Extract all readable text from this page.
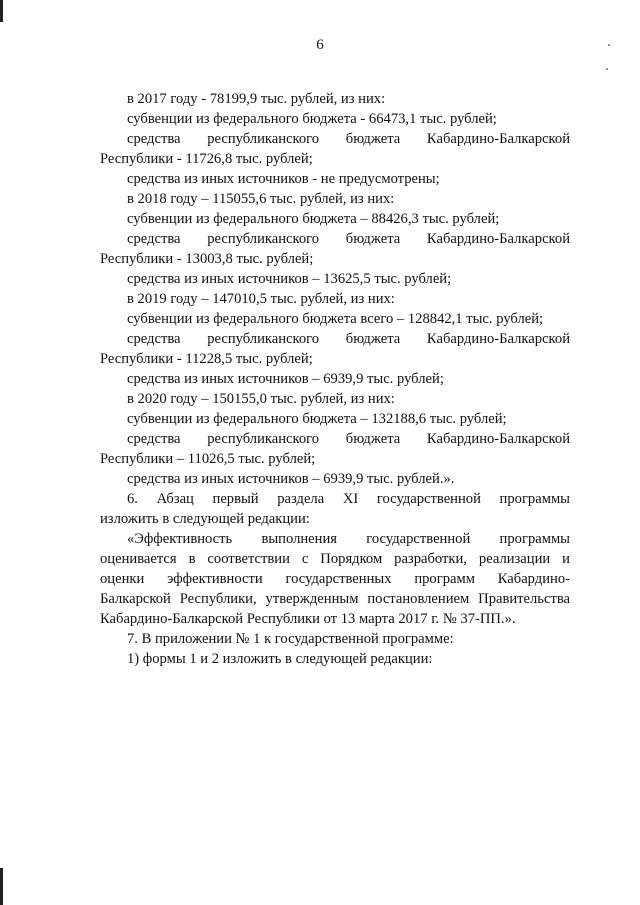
6
в 2017 году - 78199,9 тыс. рублей, из них:
субвенции из федерального бюджета - 66473,1 тыс. рублей;
средства республиканского бюджета Кабардино-Балкарской
Республики - 11726,8 тыс. рублей;
средства из иных источников - не предусмотрены;
в 2018 году – 115055,6 тыс. рублей, из них:
субвенции из федерального бюджета – 88426,3 тыс. рублей;
средства республиканского бюджета Кабардино-Балкарской
Республики - 13003,8 тыс. рублей;
средства из иных источников – 13625,5 тыс. рублей;
в 2019 году – 147010,5 тыс. рублей, из них:
субвенции из федерального бюджета всего – 128842,1 тыс. рублей;
средства республиканского бюджета Кабардино-Балкарской
Республики - 11228,5 тыс. рублей;
средства из иных источников – 6939,9 тыс. рублей;
в 2020 году – 150155,0 тыс. рублей, из них:
субвенции из федерального бюджета – 132188,6 тыс. рублей;
средства республиканского бюджета Кабардино-Балкарской
Республики – 11026,5 тыс. рублей;
средства из иных источников – 6939,9 тыс. рублей.».
6. Абзац первый раздела XI государственной программы
изложить в следующей редакции:
«Эффективность выполнения государственной программы
оценивается в соответствии с Порядком разработки, реализации и
оценки эффективности государственных программ Кабардино-
Балкарской Республики, утвержденным постановлением Правительства
Кабардино-Балкарской Республики от 13 марта 2017 г. № 37-ПП.».
7. В приложении № 1 к государственной программе:
1) формы 1 и 2 изложить в следующей редакции:
